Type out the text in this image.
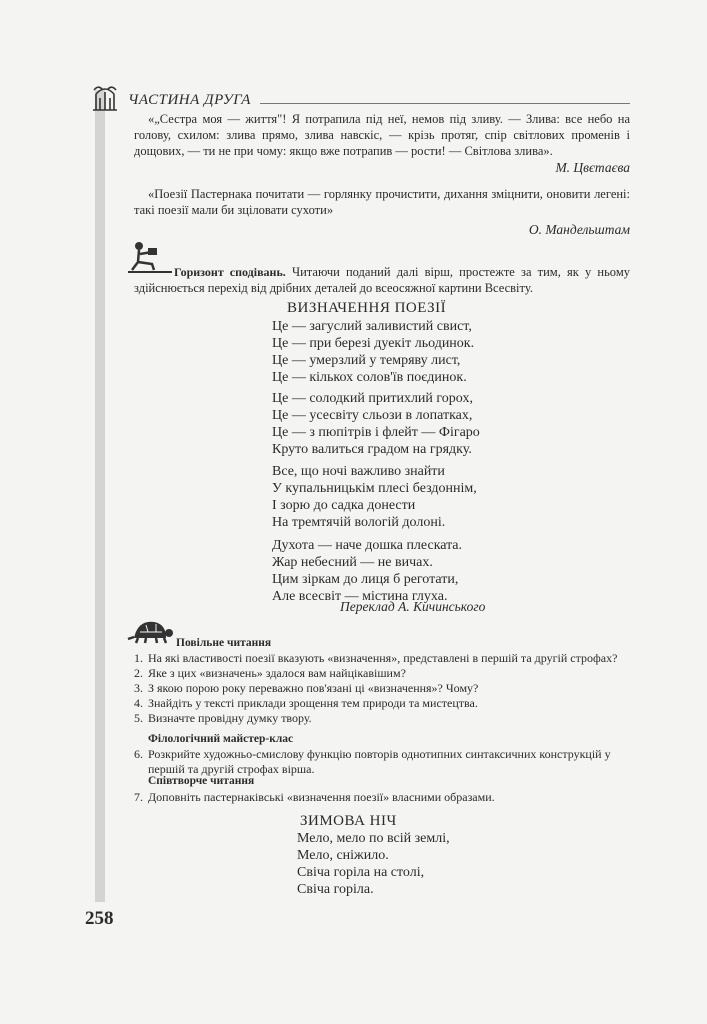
ЧАСТИНА ДРУГА
«„Сестра моя — життя"! Я потрапила під неї, немов під зливу. — Злива: все небо на голову, схилом: злива прямо, злива навскіс, — крізь протяг, спір світлових променів і дощових, — ти не при чому: якщо вже потрапив — рости! — Світлова злива».
М. Цвєтаєва
«Поезії Пастернака почитати — горлянку прочистити, дихання зміцнити, оновити легені: такі поезії мали би зціловати сухоти»
О. Мандельштам
Горизонт сподівань. Читаючи поданий далі вірш, простежте за тим, як у ньому здійснюється перехід від дрібних деталей до всеосяжної картини Всесвіту.
ВИЗНАЧЕННЯ ПОЕЗІЇ
Це — загуслий заливистий свист,
Це — при березі дуекіт льодинок.
Це — умерзлий у темряву лист,
Це — кількох солов'їв поєдинок.
Це — солодкий притихлий горох,
Це — усесвіту сльози в лопатках,
Це — з пюпітрів і флейт — Фігаро
Круто валиться градом на грядку.
Все, що ночі важливо знайти
У купальницькім плесі бездоннім,
І зорю до садка донести
На тремтячій вологій долоні.
Духота — наче дошка плескатa.
Жар небесний — не вичах.
Цим зіркам до лиця б реготати,
Але всесвіт — містина глуха.
Переклад А. Кичинського
Повільне читання
1. На які властивості поезії вказують «визначення», представлені в першій та другій строфах?
2. Яке з цих «визначень» здалося вам найцікавішим?
3. З якою порою року переважно пов'язані ці «визначення»? Чому?
4. Знайдіть у тексті приклади зрощення тем природи та мистецтва.
5. Визначте провідну думку твору.
Філологічний майстер-клас
6. Розкрийте художньо-смислову функцію повторів однотипних синтаксичних конструкцій у першій та другій строфах вірша.
Співтворче читання
7. Доповніть пастернаківські «визначення поезії» власними образами.
ЗИМОВА НІЧ
Мело, мело по всій землі,
Мело, сніжило.
Свіча горіла на столі,
Свіча горіла.
258
